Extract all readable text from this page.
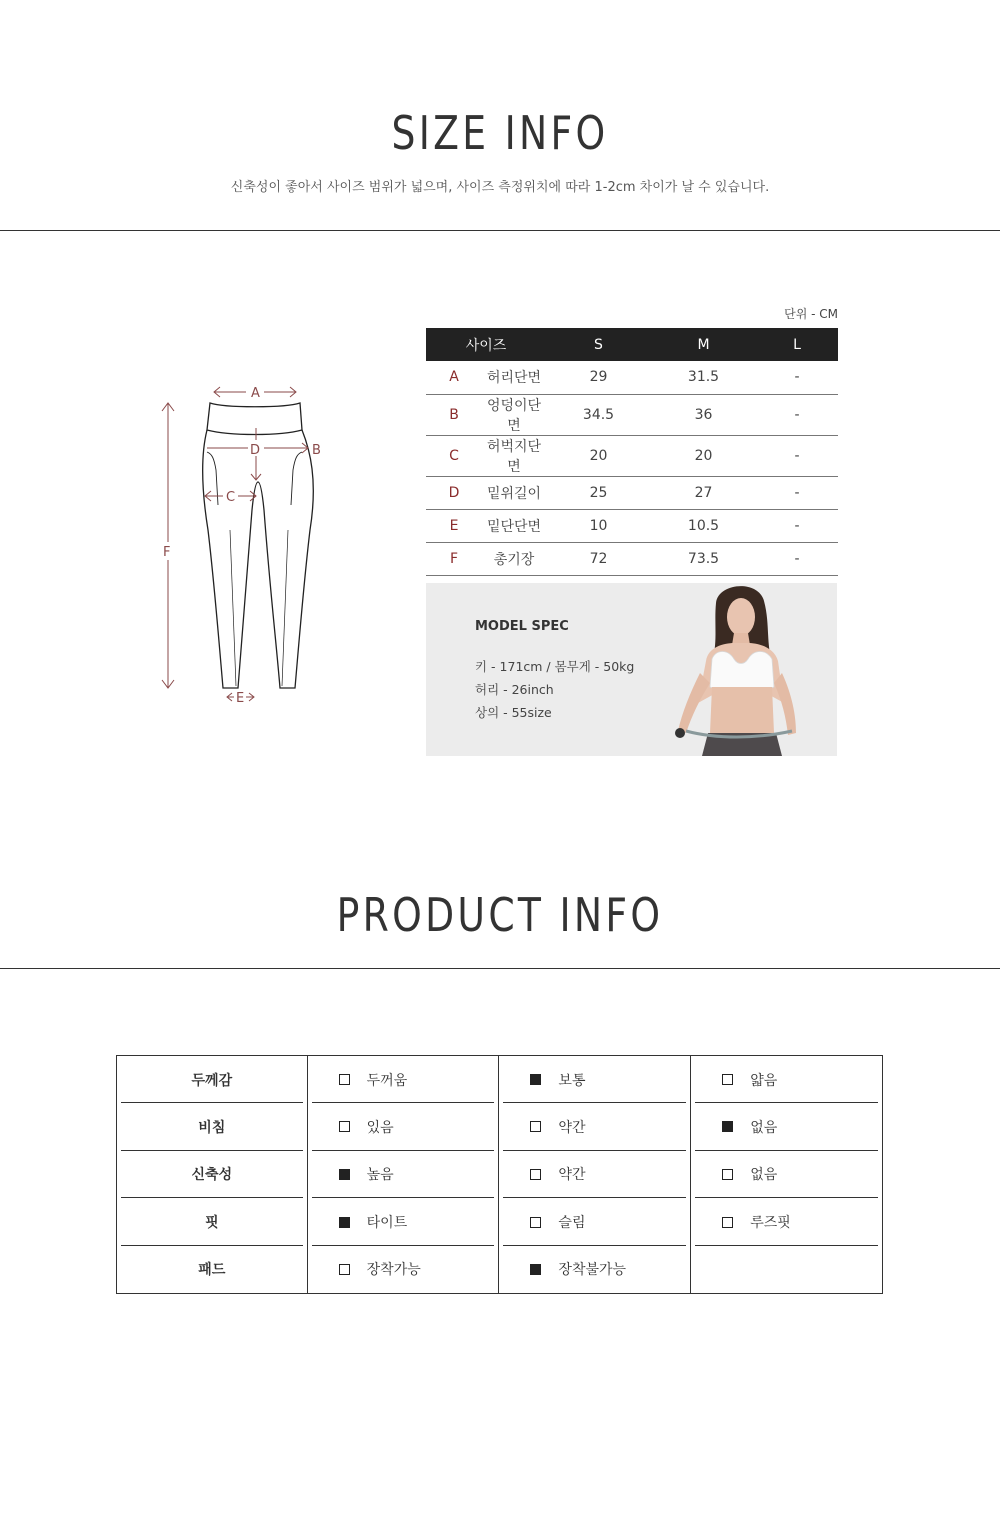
SIZE INFO
신축성이 좋아서 사이즈 범위가 넓으며, 사이즈 측정위치에 따라 1-2cm 차이가 날 수 있습니다.
A
D	B
C
F
E
단위 - CM
사이즈		S	M	L
A	허리단면	29	31.5	-
B	엉덩이단면	34.5	36	-
C	허벅지단면	20	20	-
D	밑위길이	25	27	-
E	밑단단면	10	10.5	-
F	총기장	72	73.5	-
MODEL SPEC
키 - 171cm / 몸무게 - 50kg
허리 - 26inch
상의 - 55size
PRODUCT INFO
두께감	두꺼움	보통	얇음

비침	있음	약간	없음

신축성	높음	약간	없음

핏	타이트	슬림	루즈핏

패드	장착가능	장착불가능	
